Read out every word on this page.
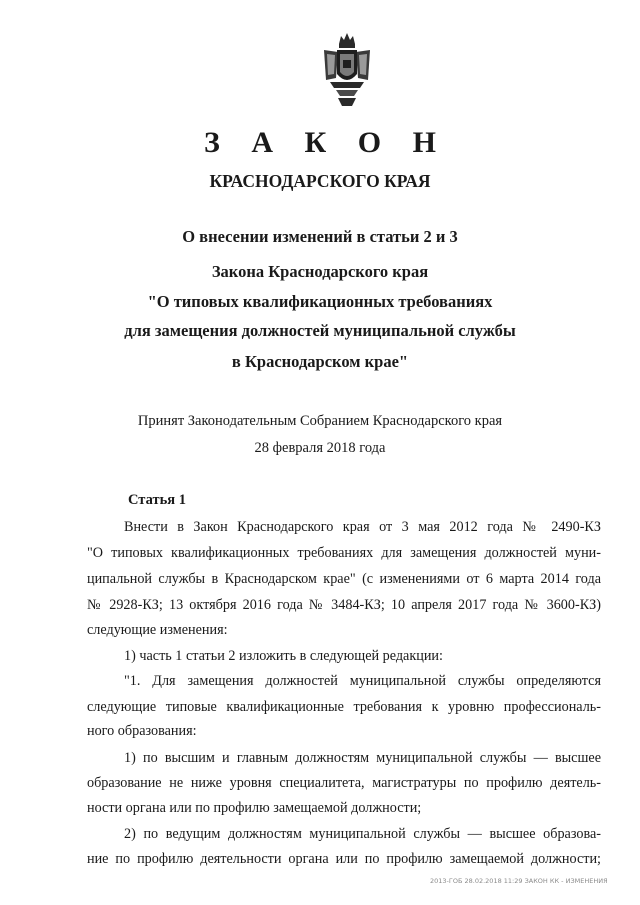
З А К О Н
КРАСНОДАРСКОГО КРАЯ
О внесении изменений в статьи 2 и 3
Закона Краснодарского края
"О типовых квалификационных требованиях
для замещения должностей муниципальной службы
в Краснодарском крае"
Принят Законодательным Собранием Краснодарского края
28 февраля 2018 года
Статья 1
Внести в Закон Краснодарского края от 3 мая 2012 года № 2490-КЗ
"О типовых квалификационных требованиях для замещения должностей муни-
ципальной службы в Краснодарском крае" (с изменениями от 6 марта 2014 года
№ 2928-КЗ; 13 октября 2016 года № 3484-КЗ; 10 апреля 2017 года № 3600-КЗ)
следующие изменения:
1) часть 1 статьи 2 изложить в следующей редакции:
"1. Для замещения должностей муниципальной службы определяются
следующие типовые квалификационные требования к уровню профессиональ-
ного образования:
1) по высшим и главным должностям муниципальной службы — высшее
образование не ниже уровня специалитета, магистратуры по профилю деятель-
ности органа или по профилю замещаемой должности;
2) по ведущим должностям муниципальной службы — высшее образова-
ние по профилю деятельности органа или по профилю замещаемой должности;
2013-ГОБ 28.02.2018 11:29 ЗАКОН КК - ИЗМЕНЕНИЯ
